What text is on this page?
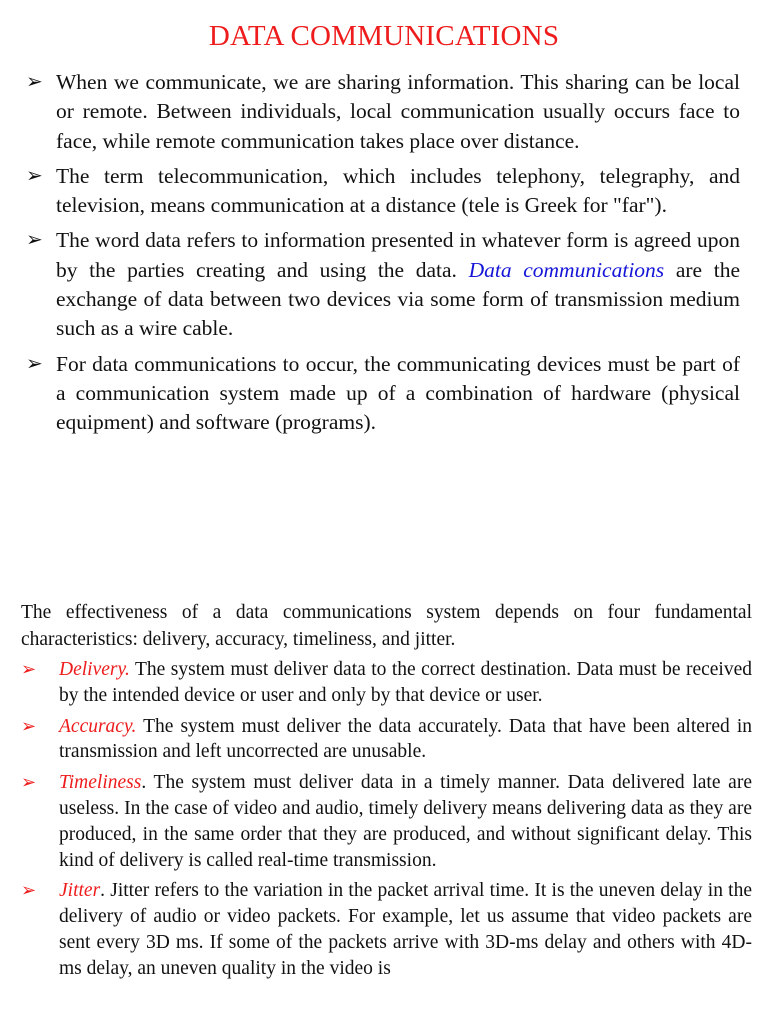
DATA COMMUNICATIONS
➢ When we communicate, we are sharing information. This sharing can be local or remote. Between individuals, local communication usually occurs face to face, while remote communication takes place over distance.
➢ The term telecommunication, which includes telephony, telegraphy, and television, means communication at a distance (tele is Greek for "far").
➢ The word data refers to information presented in whatever form is agreed upon by the parties creating and using the data. Data communications are the exchange of data between two devices via some form of transmission medium such as a wire cable.
➢ For data communications to occur, the communicating devices must be part of a communication system made up of a combination of hardware (physical equipment) and software (programs).
The effectiveness of a data communications system depends on four fundamental characteristics: delivery, accuracy, timeliness, and jitter.
➢ Delivery. The system must deliver data to the correct destination. Data must be received by the intended device or user and only by that device or user.
➢ Accuracy. The system must deliver the data accurately. Data that have been altered in transmission and left uncorrected are unusable.
➢ Timeliness. The system must deliver data in a timely manner. Data delivered late are useless. In the case of video and audio, timely delivery means delivering data as they are produced, in the same order that they are produced, and without significant delay. This kind of delivery is called real-time transmission.
➢ Jitter. Jitter refers to the variation in the packet arrival time. It is the uneven delay in the delivery of audio or video packets. For example, let us assume that video packets are sent every 3D ms. If some of the packets arrive with 3D-ms delay and others with 4D-ms delay, an uneven quality in the video is
